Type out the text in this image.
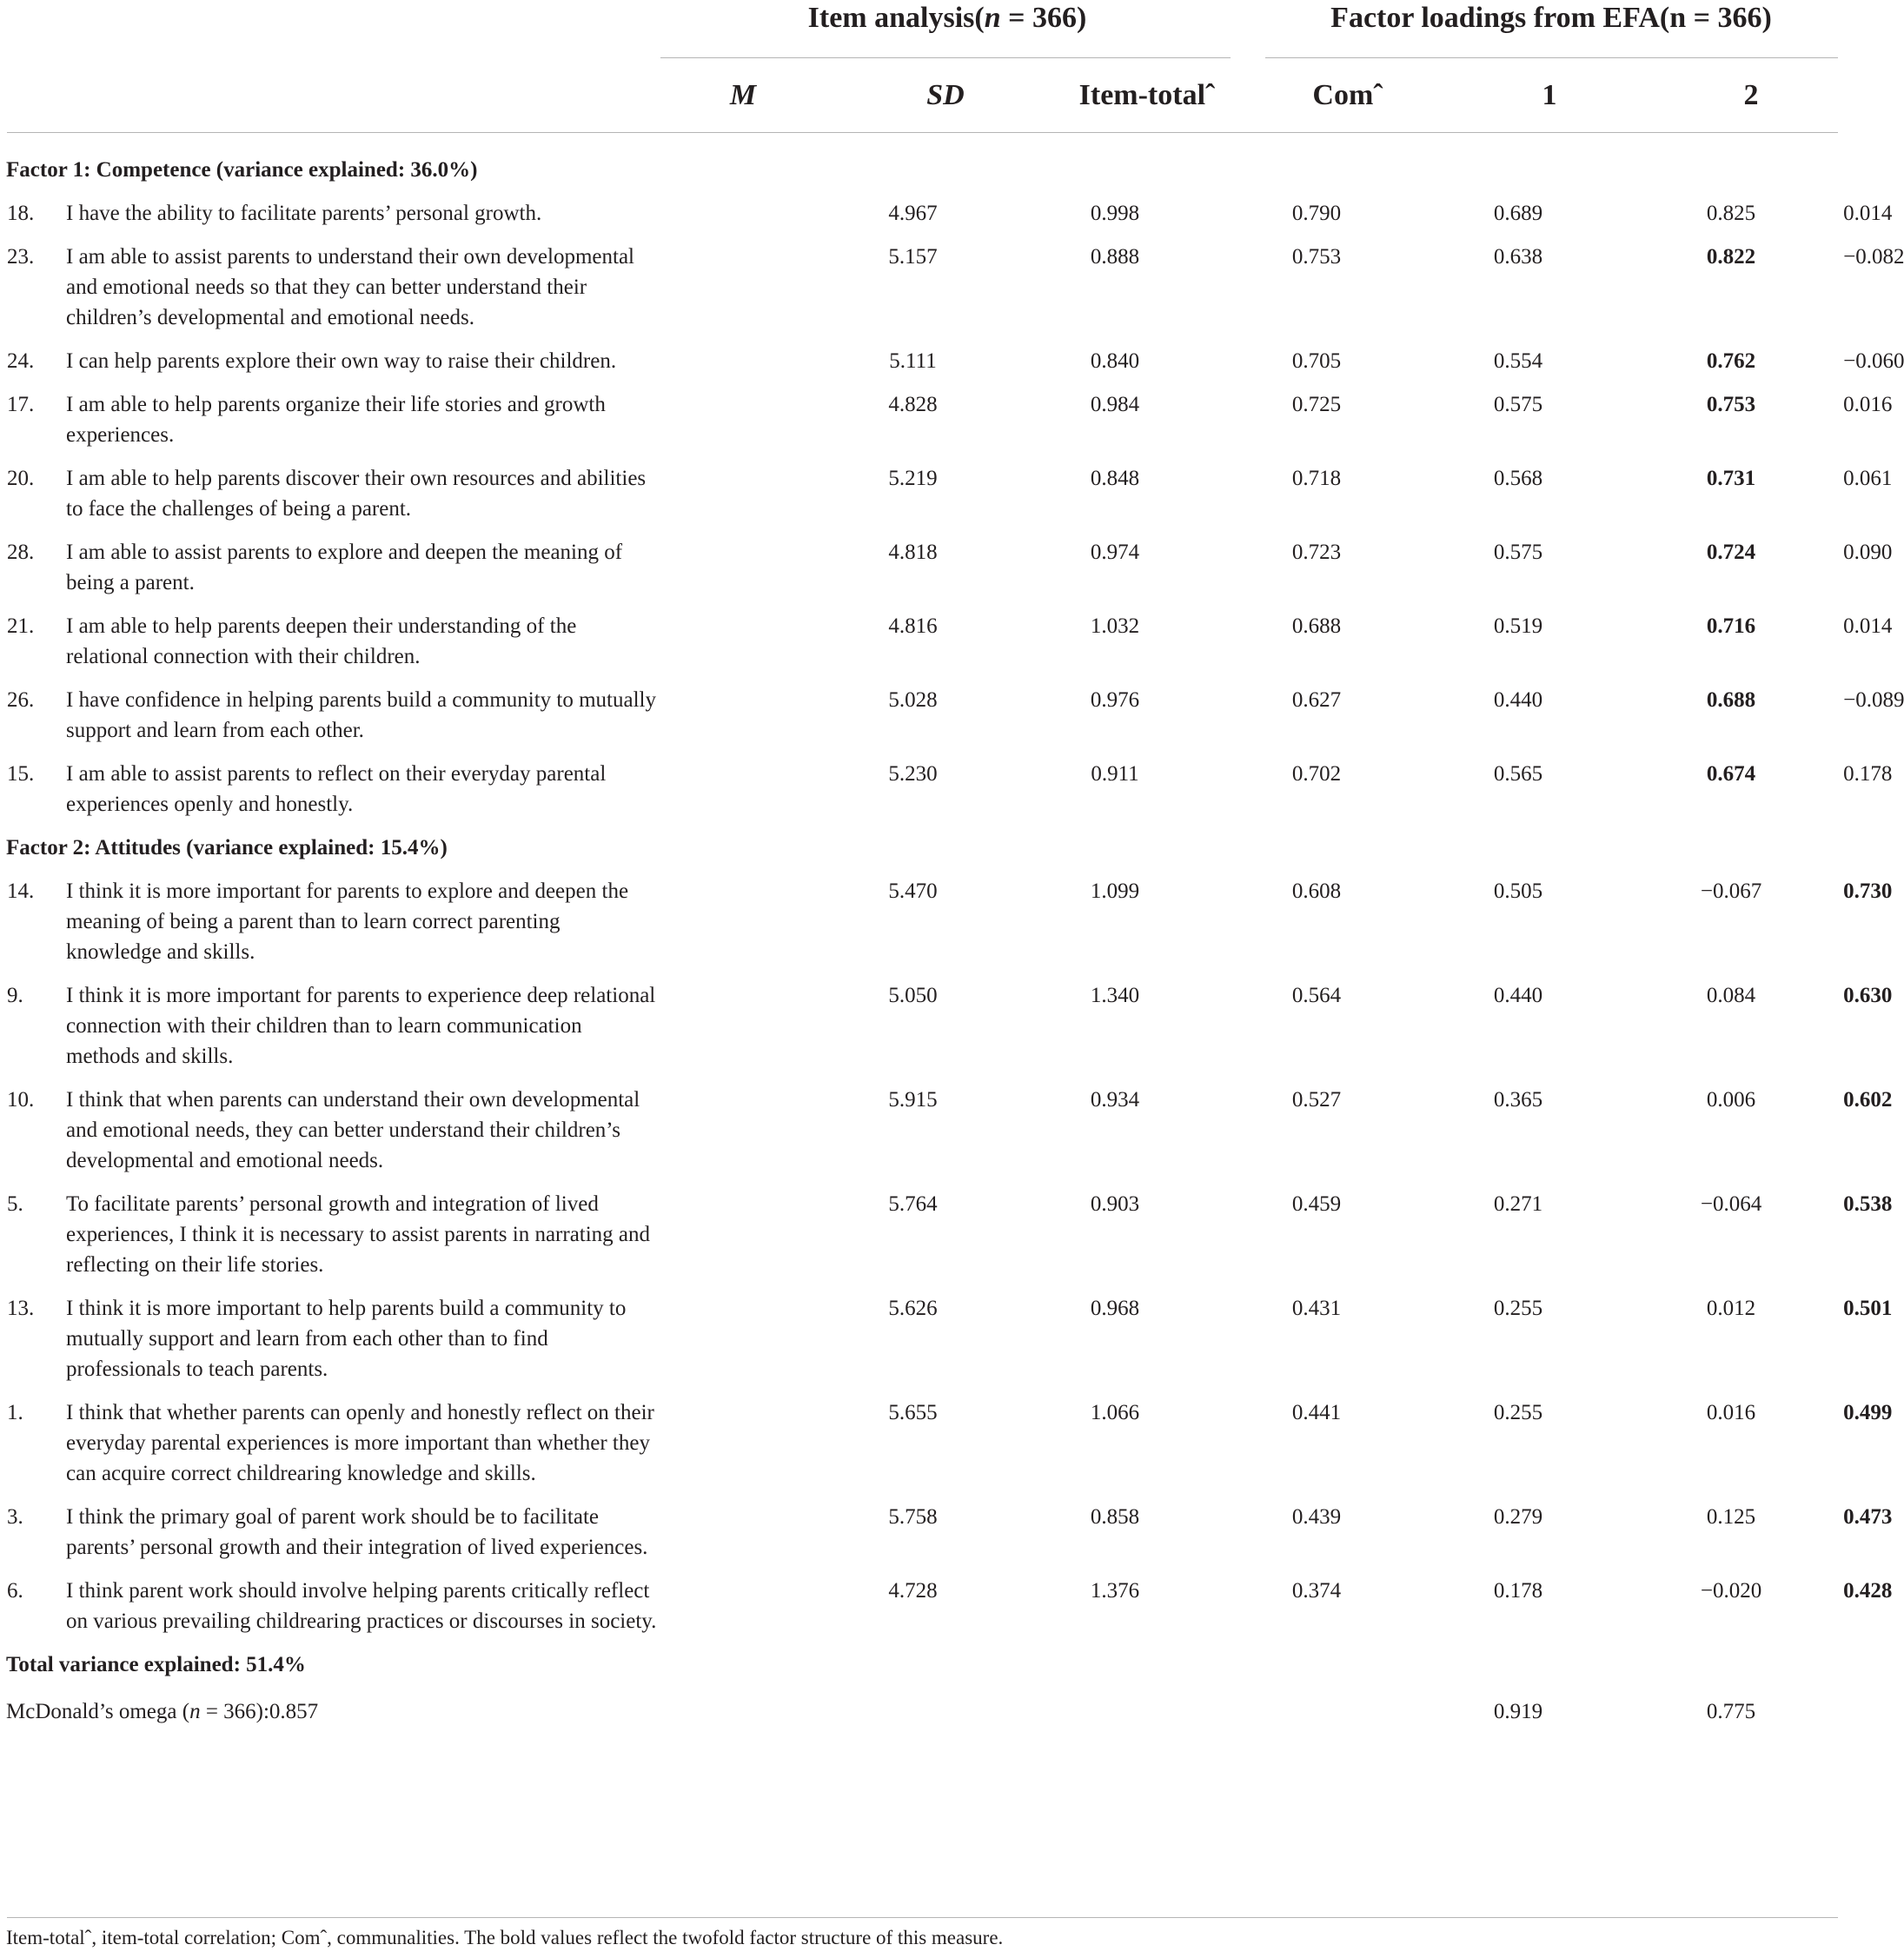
Item analysis(n = 366)	Factor loadings from EFA(n = 366)
M	SD	Item-totalˆ	Comˆ	1	2
Factor 1: Competence (variance explained: 36.0%)								
18.	I have the ability to facilitate parents’ personal growth.		4.967	0.998	0.790	0.689	0.825	0.014
23.	I am able to assist parents to understand their own developmental and emotional needs so that they can better understand their children’s developmental and emotional needs.		5.157	0.888	0.753	0.638	0.822	−0.082
24.	I can help parents explore their own way to raise their children.		5.111	0.840	0.705	0.554	0.762	−0.060
17.	I am able to help parents organize their life stories and growth experiences.		4.828	0.984	0.725	0.575	0.753	0.016
20.	I am able to help parents discover their own resources and abilities to face the challenges of being a parent.		5.219	0.848	0.718	0.568	0.731	0.061
28.	I am able to assist parents to explore and deepen the meaning of being a parent.		4.818	0.974	0.723	0.575	0.724	0.090
21.	I am able to help parents deepen their understanding of the relational connection with their children.		4.816	1.032	0.688	0.519	0.716	0.014
26.	I have confidence in helping parents build a community to mutually support and learn from each other.		5.028	0.976	0.627	0.440	0.688	−0.089
15.	I am able to assist parents to reflect on their everyday parental experiences openly and honestly.		5.230	0.911	0.702	0.565	0.674	0.178
Factor 2: Attitudes (variance explained: 15.4%)								
14.	I think it is more important for parents to explore and deepen the meaning of being a parent than to learn correct parenting knowledge and skills.		5.470	1.099	0.608	0.505	−0.067	0.730
9.	I think it is more important for parents to experience deep relational connection with their children than to learn communication methods and skills.		5.050	1.340	0.564	0.440	0.084	0.630
10.	I think that when parents can understand their own developmental and emotional needs, they can better understand their children’s developmental and emotional needs.		5.915	0.934	0.527	0.365	0.006	0.602
5.	To facilitate parents’ personal growth and integration of lived experiences, I think it is necessary to assist parents in narrating and reflecting on their life stories.		5.764	0.903	0.459	0.271	−0.064	0.538
13.	I think it is more important to help parents build a community to mutually support and learn from each other than to find professionals to teach parents.		5.626	0.968	0.431	0.255	0.012	0.501
1.	I think that whether parents can openly and honestly reflect on their everyday parental experiences is more important than whether they can acquire correct childrearing knowledge and skills.		5.655	1.066	0.441	0.255	0.016	0.499
3.	I think the primary goal of parent work should be to facilitate parents’ personal growth and their integration of lived experiences.		5.758	0.858	0.439	0.279	0.125	0.473
6.	I think parent work should involve helping parents critically reflect on various prevailing childrearing practices or discourses in society.		4.728	1.376	0.374	0.178	−0.020	0.428
Total variance explained: 51.4%								
McDonald’s omega (n = 366):0.857						0.919	0.775	
Item-totalˆ, item-total correlation; Comˆ, communalities. The bold values reflect the twofold factor structure of this measure.
